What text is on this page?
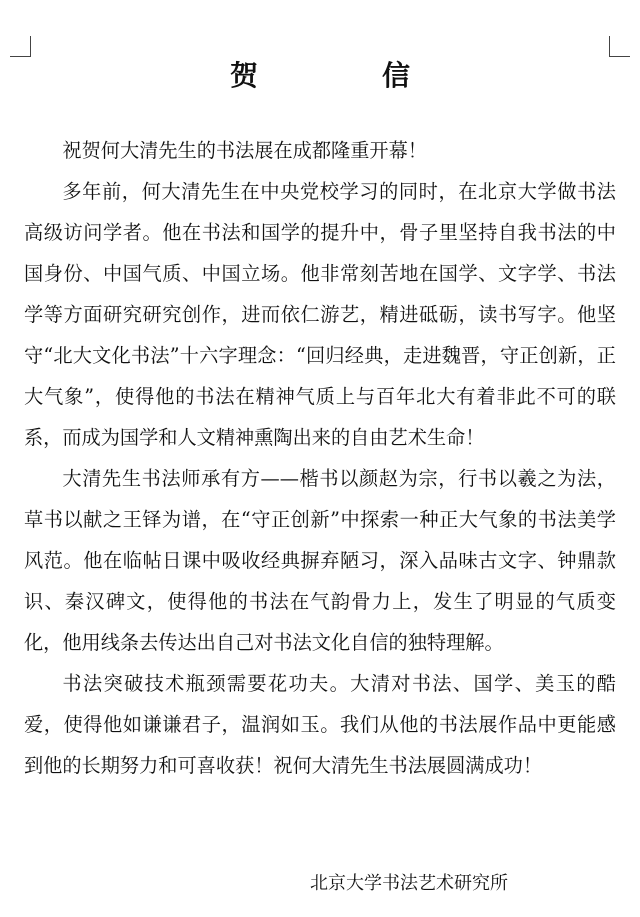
贺　信

祝贺何大清先生的书法展在成都隆重开幕！

多年前，何大清先生在中央党校学习的同时，在北京大学做书法高级访问学者。他在书法和国学的提升中，骨子里坚持自我书法的中国身份、中国气质、中国立场。他非常刻苦地在国学、文字学、书法学等方面研究研究创作，进而依仁游艺，精进砥砺，读书写字。他坚守“北大文化书法”十六字理念：“回归经典，走进魏晋，守正创新，正大气象”，使得他的书法在精神气质上与百年北大有着非此不可的联系，而成为国学和人文精神熏陶出来的自由艺术生命！

大清先生书法师承有方——楷书以颜赵为宗，行书以羲之为法，草书以献之王铎为谱，在“守正创新”中探索一种正大气象的书法美学风范。他在临帖日课中吸收经典摒弃陋习，深入品味古文字、钟鼎款识、秦汉碑文，使得他的书法在气韵骨力上，发生了明显的气质变化，他用线条去传达出自己对书法文化自信的独特理解。

书法突破技术瓶颈需要花功夫。大清对书法、国学、美玉的酷爱，使得他如谦谦君子，温润如玉。我们从他的书法展作品中更能感到他的长期努力和可喜收获！祝何大清先生书法展圆满成功！

北京大学书法艺术研究所
